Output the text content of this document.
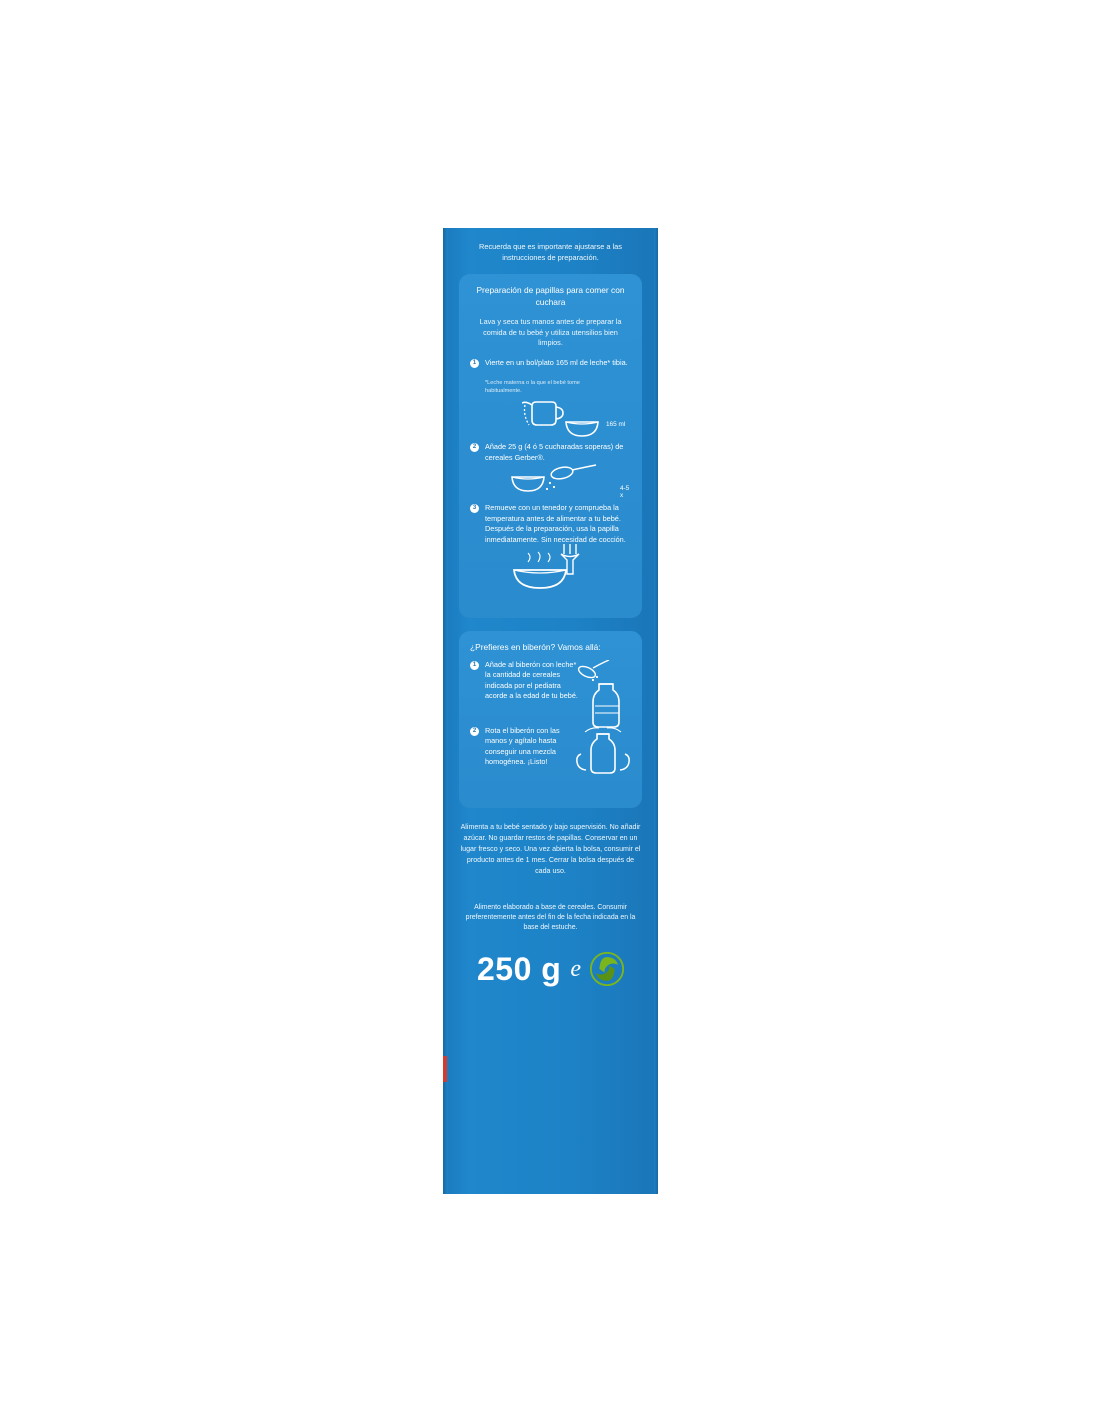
Recuerda que es importante ajustarse a las instrucciones de preparación.
Preparación de papillas para comer con cuchara
Lava y seca tus manos antes de preparar la comida de tu bebé y utiliza utensilios bien limpios.
1	Vierte en un bol/plato 165 ml de leche* tibia.
*Leche materna o la que el bebé tome habitualmente.
165 ml
2	Añade 25 g (4 ó 5 cucharadas soperas) de cereales Gerber®.
4-5 x
3	Remueve con un tenedor y comprueba la temperatura antes de alimentar a tu bebé. Después de la preparación, usa la papilla inmediatamente. Sin necesidad de cocción.
¿Prefieres en biberón? Vamos allá:
1	Añade al biberón con leche* la cantidad de cereales indicada por el pediatra acorde a la edad de tu bebé.
2	Rota el biberón con las manos y agítalo hasta conseguir una mezcla homogénea. ¡Listo!
Alimenta a tu bebé sentado y bajo supervisión. No añadir azúcar. No guardar restos de papillas. Conservar en un lugar fresco y seco. Una vez abierta la bolsa, consumir el producto antes de 1 mes. Cerrar la bolsa después de cada uso.
Alimento elaborado a base de cereales. Consumir preferentemente antes del fin de la fecha indicada en la base del estuche.
250 g e
